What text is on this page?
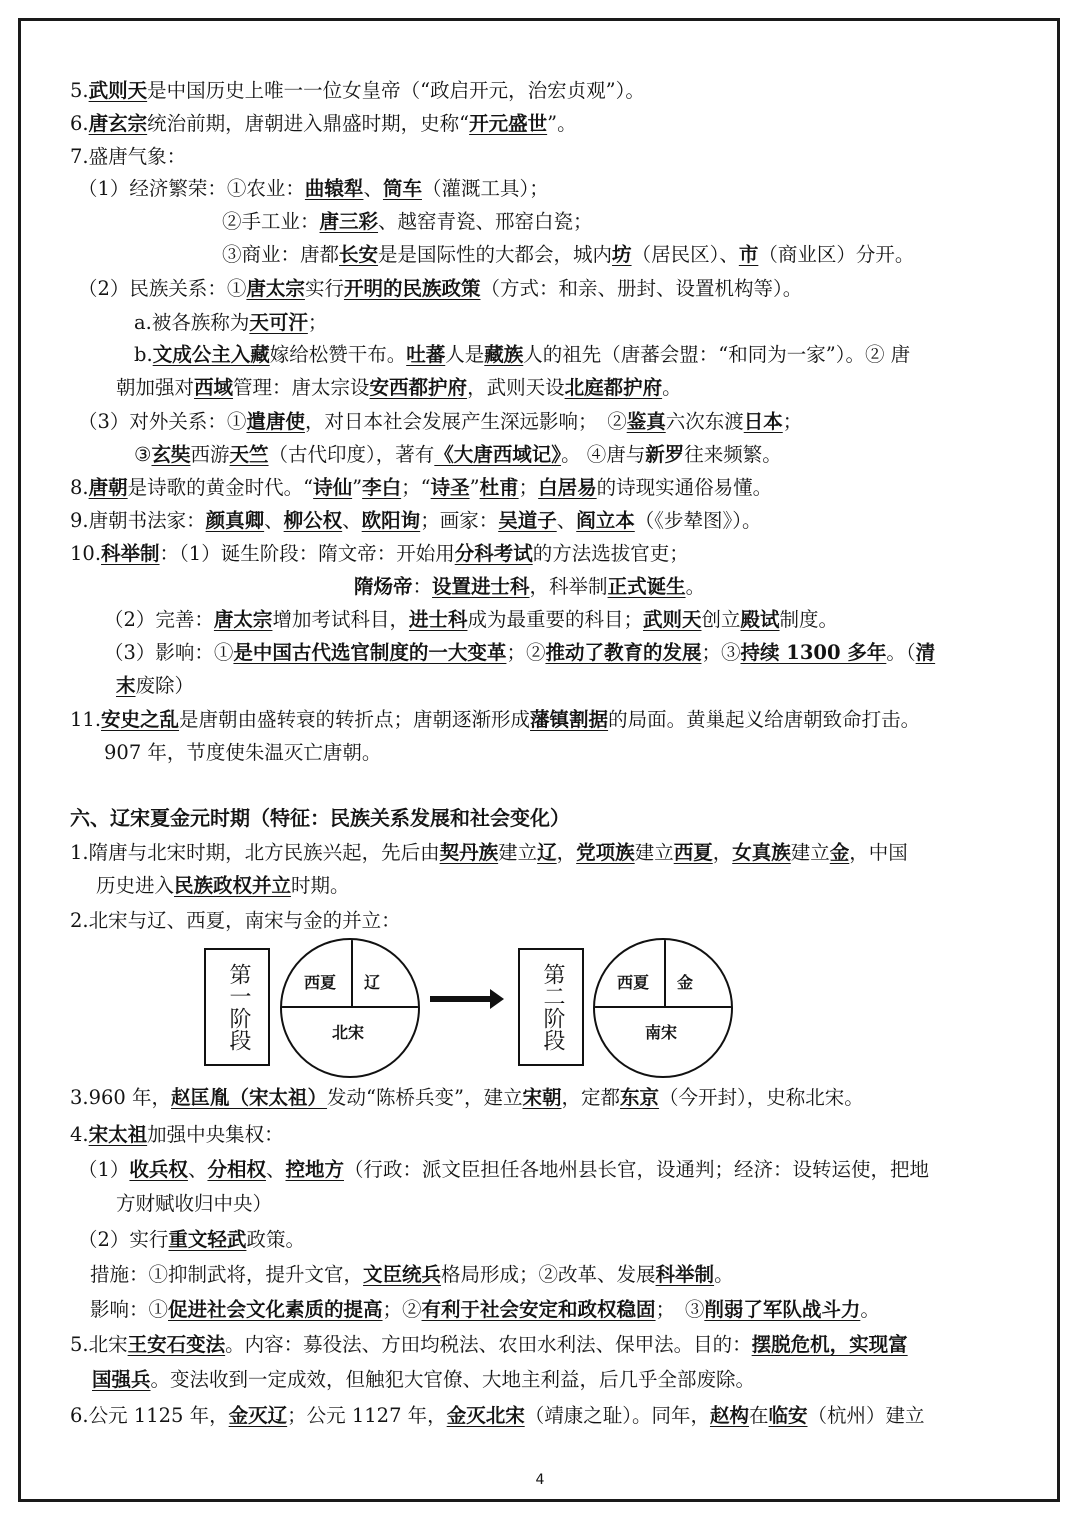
5.武则天是中国历史上唯一一位女皇帝（“政启开元，治宏贞观”）。
6.唐玄宗统治前期，唐朝进入鼎盛时期，史称“开元盛世”。
7.盛唐气象：
（1）经济繁荣：①农业：曲辕犁、筒车（灌溉工具）；
②手工业：唐三彩、越窑青瓷、邢窑白瓷；
③商业：唐都长安是是国际性的大都会，城内坊（居民区）、市（商业区）分开。
（2）民族关系：①唐太宗实行开明的民族政策（方式：和亲、册封、设置机构等）。
a.被各族称为天可汗；
b.文成公主入藏嫁给松赞干布。吐蕃人是藏族人的祖先（唐蕃会盟：“和同为一家”）。② 唐
朝加强对西域管理：唐太宗设安西都护府，武则天设北庭都护府。
（3）对外关系：①遣唐使，对日本社会发展产生深远影响；　②鉴真六次东渡日本；
③玄奘西游天竺（古代印度），著有《大唐西域记》。 ④唐与新罗往来频繁。
8.唐朝是诗歌的黄金时代。“诗仙”李白；“诗圣”杜甫；白居易的诗现实通俗易懂。
9.唐朝书法家：颜真卿、柳公权、欧阳询；画家：吴道子、阎立本（《步辇图》）。
10.科举制：（1）诞生阶段：隋文帝：开始用分科考试的方法选拔官吏；
隋炀帝：设置进士科，科举制正式诞生。
（2）完善：唐太宗增加考试科目，进士科成为最重要的科目；武则天创立殿试制度。
（3）影响：①是中国古代选官制度的一大变革；②推动了教育的发展；③持续 1300 多年。（清
末废除）
11.安史之乱是唐朝由盛转衰的转折点；唐朝逐渐形成藩镇割据的局面。黄巢起义给唐朝致命打击。
907 年，节度使朱温灭亡唐朝。
六、辽宋夏金元时期（特征：民族关系发展和社会变化）
1.隋唐与北宋时期，北方民族兴起，先后由契丹族建立辽，党项族建立西夏，女真族建立金，中国
历史进入民族政权并立时期。
2.北宋与辽、西夏，南宋与金的并立：
3.960 年，赵匡胤（宋太祖）发动“陈桥兵变”，建立宋朝，定都东京（今开封），史称北宋。
4.宋太祖加强中央集权：
（1）收兵权、分相权、控地方（行政：派文臣担任各地州县长官，设通判；经济：设转运使，把地
方财赋收归中央）
（2）实行重文轻武政策。
措施：①抑制武将，提升文官，文臣统兵格局形成；②改革、发展科举制。
影响：①促进社会文化素质的提高；②有利于社会安定和政权稳固；　③削弱了军队战斗力。
5.北宋王安石变法。内容：募役法、方田均税法、农田水利法、保甲法。目的：摆脱危机，实现富
国强兵。变法收到一定成效，但触犯大官僚、大地主利益，后几乎全部废除。
6.公元 1125 年，金灭辽；公元 1127 年，金灭北宋（靖康之耻）。同年，赵构在临安（杭州）建立
第一阶段	西夏 辽
北宋	第二阶段	西夏 金
南宋
4
